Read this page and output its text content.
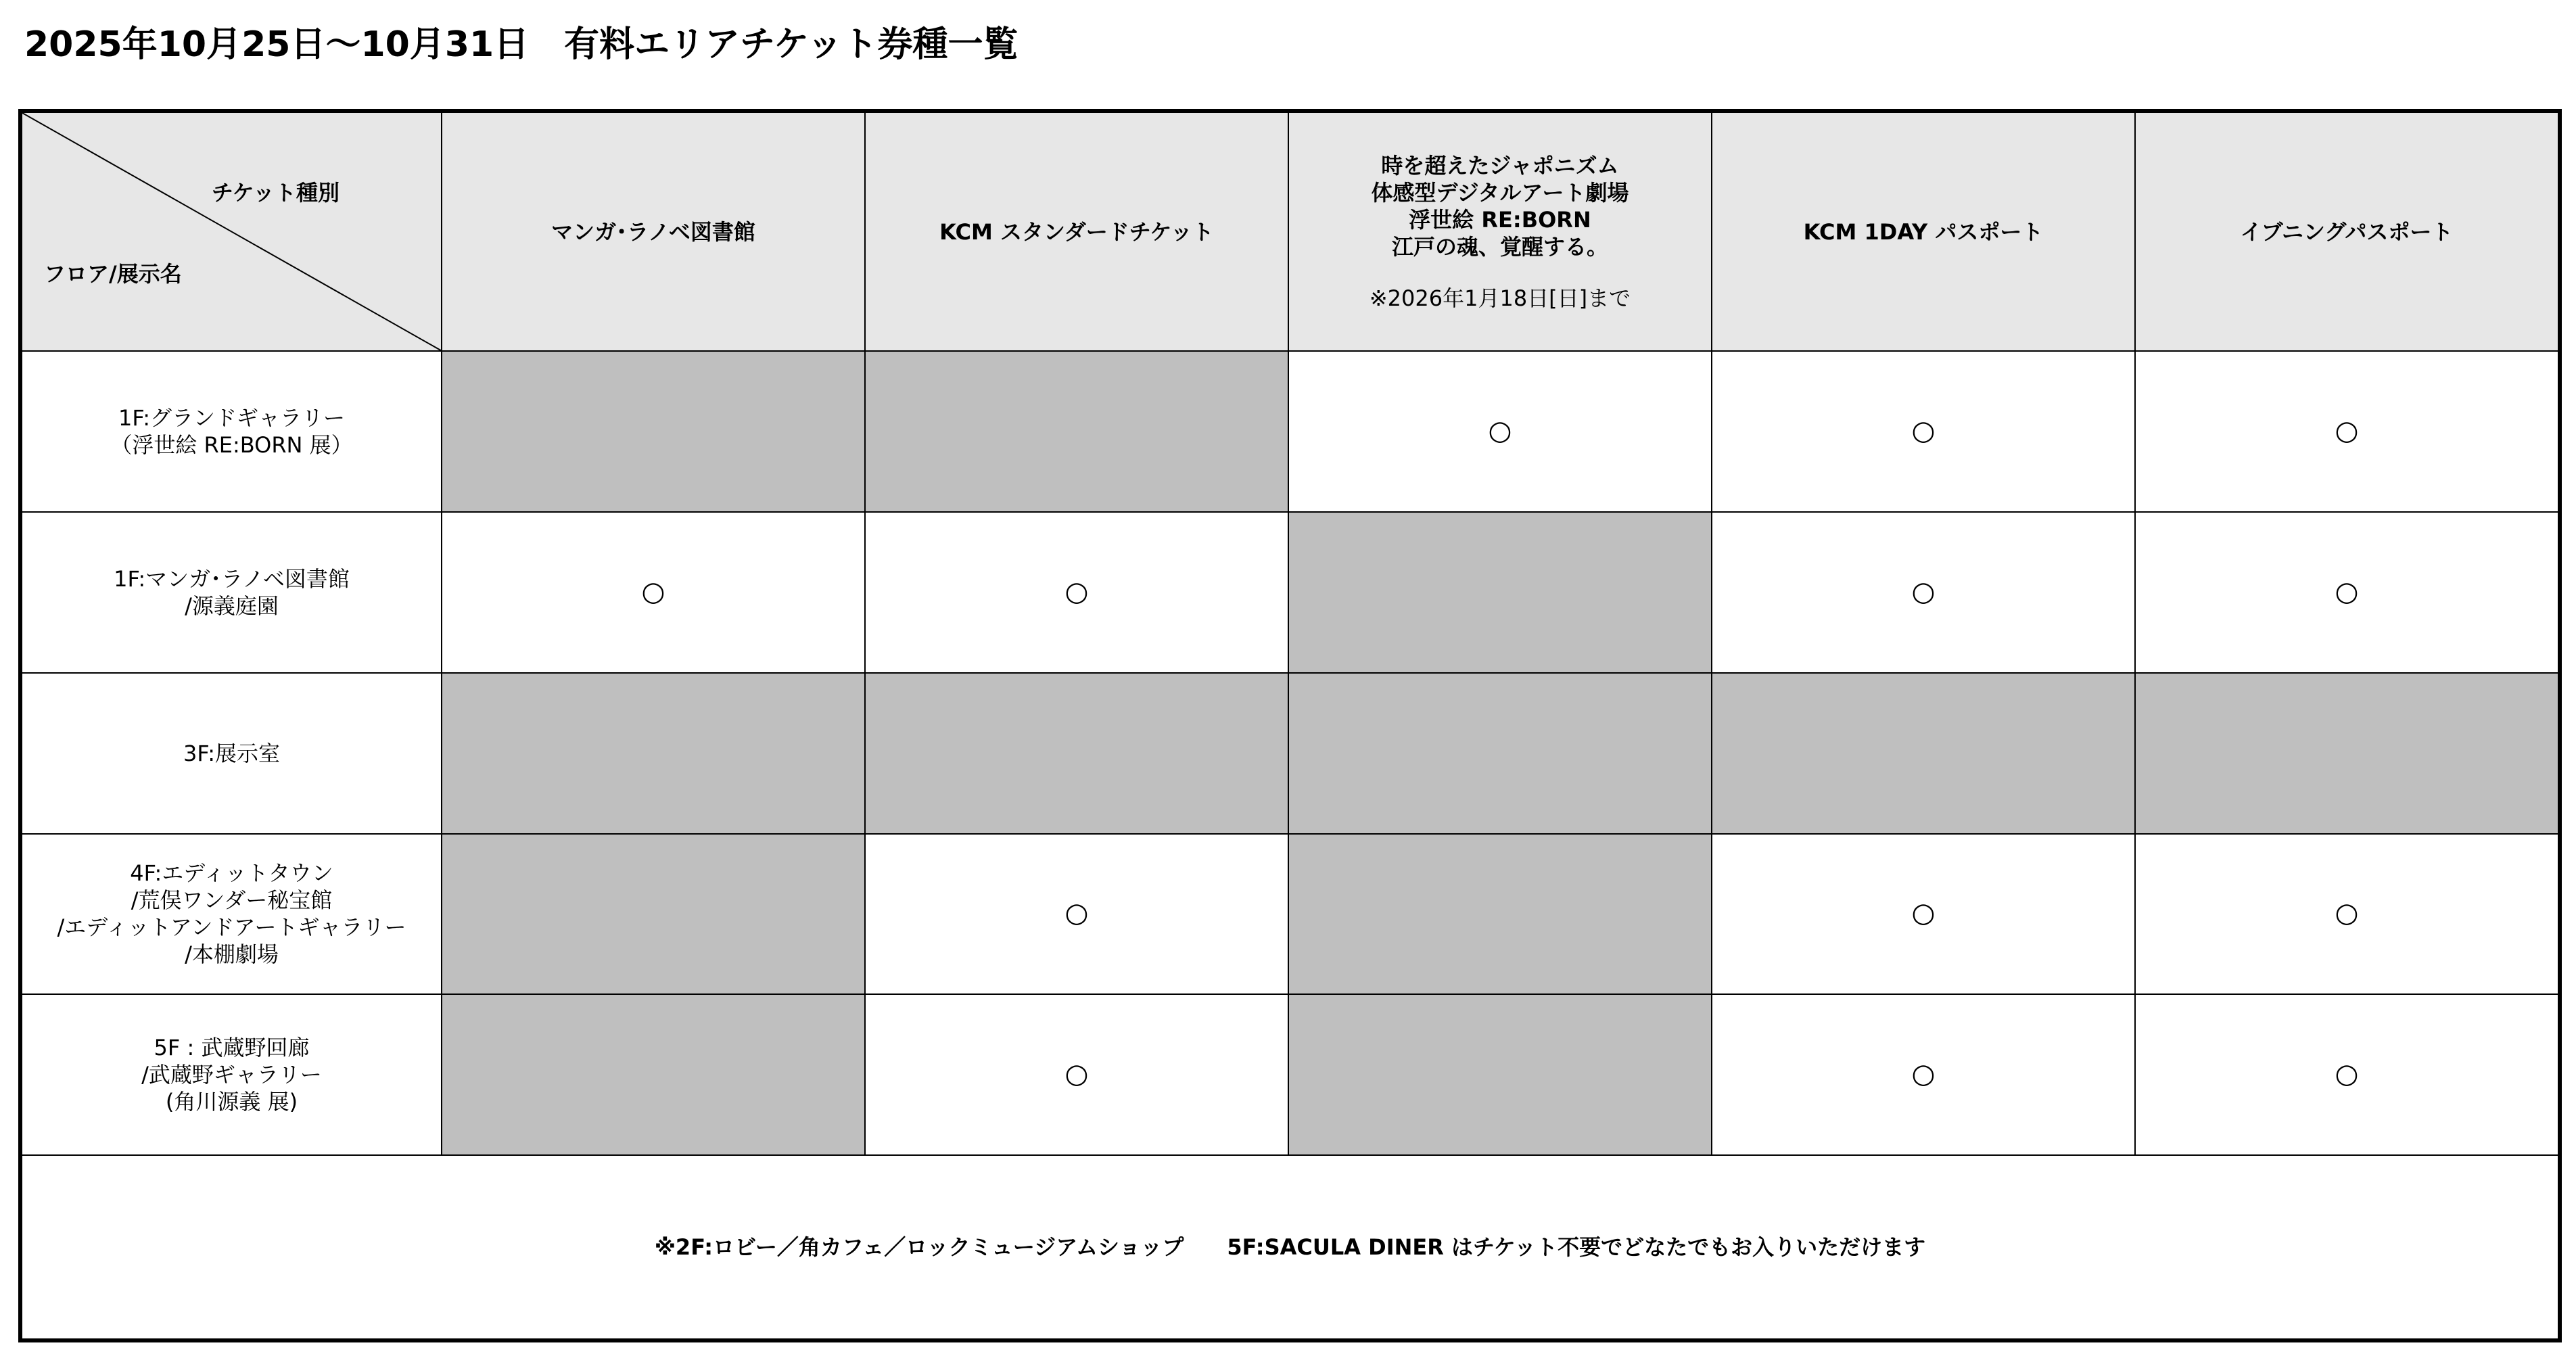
2025年10月25日～10月31日　有料エリアチケット券種一覧
チケット種別
フロア/展示名	マンガ･ラノベ図書館	KCM スタンダードチケット	時を超えたジャポニズム
体感型デジタルアート劇場
浮世絵 RE:BORN
江戸の魂、覚醒する。
※2026年1月18日[日]まで	KCM 1DAY パスポート	イブニングパスポート

1F:グランドギャラリー
（浮世絵 RE:BORN 展）			○	○	○

1F:マンガ･ラノベ図書館
/源義庭園	○	○		○	○

3F:展示室					

4F:エディットタウン
/荒俣ワンダー秘宝館
/エディットアンドアートギャラリー
/本棚劇場		○		○	○

5F : 武蔵野回廊
/武蔵野ギャラリー
(角川源義 展)		○		○	○
※2F:ロビー／角カフェ／ロックミュージアムショップ　　5F:SACULA DINER はチケット不要でどなたでもお入りいただけます					
